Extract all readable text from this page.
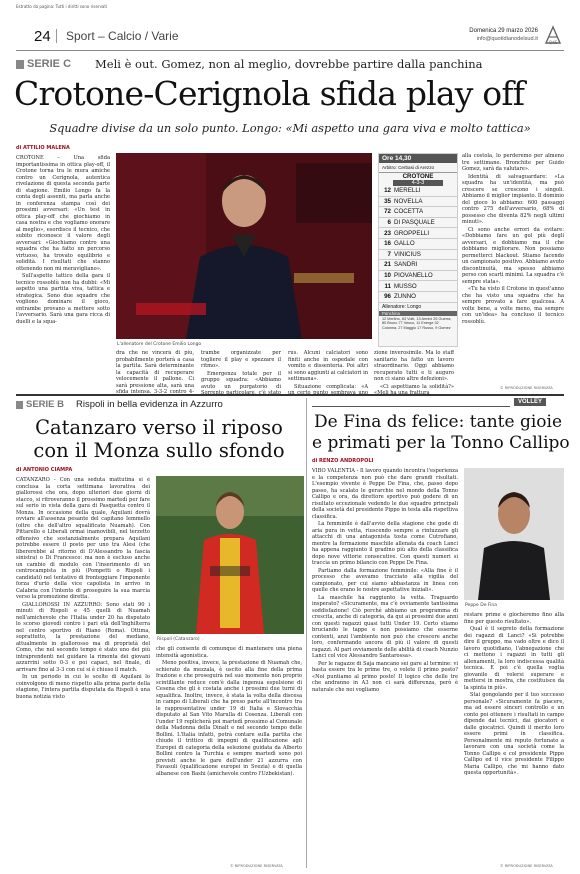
Estratto da pagina: Tutti i diritti sono riservati
24 Sport – Calcio / Varie	Domenica 29 marzo 2026
info@quotidianodelsud.it
QdS
SERIE C Meli è out. Gomez, non al meglio, dovrebbe partire dalla panchina
Crotone-Cerignola sfida play off
Squadre divise da un solo punto. Longo: «Mi aspetto una gara viva e molto tattica»
di ATTILIO MALENA

CROTONE – Una sfida importantissima in ottica play-off, il Crotone torna tra le mura amiche contro un Cerignola, autentica rivelazione di questa seconda parte di stagione. Emilio Longo fa la conta degli assenti, ma parla anche in conferenza stampa così dei prossimi avversari: «Un test in ottica play-off che giochiamo in casa nostra e che vogliamo onorare al meglio», esordisce il tecnico, che subito riconosce il valore degli avversari: «Giochiamo contro una squadra che ha fatto un percorso virtuoso, ha trovato equilibrio e solidità. I risultati che stanno ottenendo non mi meravigliano».

Sull'aspetto tattico della gara il tecnico rossoblù non ha dubbi: «Mi aspetto una partita viva, tattica e strategica. Sono due squadre che vogliono dominare il gioco, entrambe provano a mettere sotto l'avversario. Sarà una gara ricca di duelli e la squa-

L'allenatore del Crotone Emilio Longo

dra che ne vincerà di più, probabilmente porterà a casa la partita. Sarà determinante la capacità di recuperare velocemente il pallone. Ci sarà pressione alta, sarà una sfida intensa. 3-3-2 contro 4-

trambe organizzate per togliere il play e spezzare il ritmo».

Emergenza totale per il gruppo squadra: «Abbiamo avuto un purgatorio di Sorrento particolare, c'è stato

rus. Alcuni calciatori sono finiti anche in ospedale con vomito e dissenteria. Poi altri si sono aggiunti ai calciatori in settimana».

Situazione complicata: «A un certo punto sembrava uno

zione inverosimile. Ma lo staff sanitario ha fatto un lavoro straordinario. Oggi abbiamo recuperato tutti e ti auguro non ci siano altre defezioni».

«Ci aspettiamo la solidità?» «Meli ha una frattura

Ore 14,30
Arbitro: Cerbasi di Arezzo
CROTONE
4-3-3
12 MERELLI
35 NOVELLA
72 COCETTA
6 DI PASQUALE
23 GROPPELLI
16 GALLO
7 VINICIUS
21 SANDRI
10 PIOVANELLO
11 MUSSO
96 ZUNNO
Allenatore: Longo
Panchina
12 Merlino, 63 Volti, 13 Armini 25 Guerra, 80 Bruno 77 Vesco, 11 Energe 32 Colonna, 27 Maggio 17 Russo, 9 Gomez

alla costola, lo perderemo per almeno tre settimane. Bronchite per Guido Gomez, sarà da valutare».

Identità di salvaguardare: «La squadra ha un'identità, ma può crescere se crescono i singoli. Abbiamo il miglior impianto. Il dominio del gioco lo abbiamo: 600 passaggi contro 275 dell'avversario, 68% di possesso che diventa 82% negli ultimi minuti».

Ci sono anche errori da evitare: «Dobbiamo fare un gol più degli avversari, e dobbiamo ma il che dobbiamo migliorare. Non possiamo permetterci blackout. Stiamo facendo un campionato positivo. Abbiamo avuto discontinuità, ma spesso abbiamo perso con scarti minimi. La squadra c'è sempre stata».

«Tu ha visto il Crotone in quest'anno che ha visto una squadra che ha sempre provato a fare qualcosa. A volte bene, a volte meno, ma sempre con un'idea» ha concluso il tecnico rossoblù.

© RIPRODUZIONE RISERVATA
SERIE B Rispoli in bella evidenza in Azzurro
Catanzaro verso il riposo
con il Monza sullo sfondo
di ANTONIO CIAMPA

CATANZARO - Con una seduta mattutina si è conclusa la corta settimana lavorativa dei giallorossi che ora, dopo ulteriori due giorni di stacco, si ritroveranno il prossimo martedì per fare sul serio in vista della gara di Pasquetta contro il Monza. In occasione della quale, Aquilani dovrà ovviare all'assenza pesante del capitano Iemmello (oltre che dell'altro squalificato Nuamah). Con Pittarello e Liberali ormai inamovibili, nel terzetto offensivo che sostanzialmente prepara Aquilani potrebbe essere il posto per uno tra Alesi (che libererebbe al ritorno di D'Alessandro la fascia sinistra) o Di Francesco: ma non è escluso anche un cambio di modulo con l'inserimento di un centrocampista in più (Pompetti o Rispoli i candidati) nel tentativo di fronteggiare l'imponente forza d'urto della vice capolista in arrivo in Calabria con l'intento di proseguire la sua marcia verso la promozione diretta.

GIALLOROSSI IN AZZURRO: Sono stati 90 i minuti di Rispoli e 45 quelli di Nuamah nell'amichevole che l'Italia under 20 ha disputato lo scorso giovedì contro i pari età dell'Inghilterra nel centro sportivo di Riano (Roma). Ottima, soprattutto, la prestazione del mediano, attualmente in giallorosso ma di proprietà del Como, che nel secondo tempo è stato uno dei più intraprendenti nel guidare la rimonta dei giovani azzurrini sotto 0-3 e poi capaci, nel finale, di arrivare fino al 3-3 con cui si è chiuso il match.

In un periodo in cui le scelte di Aquilani lo coinvolgono di meno rispetto alla prima parte della stagione, l'intera partita disputata da Rispoli è una buona notizia visto

Rispoli (Catanzaro)

che gli consente di comunque di mantenere una piena intensità agonistica.

Meno positiva, invece, la prestazione di Nuamah che, schierato da mezzala, è uscito alla fine della prima frazione e che proseguirà nel suo momento non proprio scintillante reduce com'è dalla ingenua espulsione di Cesena che gli è costata anche i prossimi due turni di squalifica. Inoltre, invece, è stata la volta della discesa in campo di Liberali che ha preso parte all'incontro tra le rappresentative under 19 di Italia e Slovacchia disputato al San Vito Marulla di Cosenza. Liberali con l'under 19 replicherà poi martedì prossimo al Comunale della Madonna della Dinalt e nel secondo tempo delle Bollini. L'Italia infatti, potrà contare sulla partita che chiude il trittico di impegni di qualificazione agli Europei di categoria della selezione guidata da Alberto Bollini contro la Turchia e sempre martedì sono poi previsti anche le gare dell'under 21 azzurra con Favasuli (qualificazione europei in Svezia) e di quella albanese con Bashi (amichevole contro l'Uzbekistan).

© RIPRODUZIONE RISERVATA
VOLLEY
De Fina ds felice: tante gioie
e primati per la Tonno Callipo
di RENZO ANDROPOLI

VIBO VALENTIA - Il lavoro quando incontra l'esperienza e la competenza non può che dare grandi risultati. L'esempio vivente è Peppe De Fina, che, passo dopo passo, ha scalato le gerarchie nel mondo della Tonno Callipo e ora, da direttore sportivo può godere di un risultato eccezionale vedendo le due squadre principali della società del presidente Pippo in testa alla rispettiva classifica.

La femminile è dall'avvio della stagione che gode di aria pura in vetta, riuscendo sempre a rintuzzare gli attacchi di una antagonista tosta come Cutrofiano, mentre la formazione maschile allenata da coach Lanci ha appena raggiunto il gradino più alto della classifica dopo nove vittorie consecutive. Con questi numeri si traccia un primo bilancio con Peppe De Fina.

Partiamo dalla formazione femminile: «Alla fine è il processo che avevamo tracciato alla vigilia del campionato, per cui siamo abbastanza in linea con quelle che erano le nostre aspettative iniziali».

La maschile ha raggiunto la vetta. Traguardo insperato? «Sicuramente, ma c'è ovviamente tantissima soddisfazione! Ciò perché abbiamo un programma di crescita, anche di categoria, da qui ai prossimi due anni con questi ragazzi quasi tutti Under 19. Certo stiamo bruciando le tappe e non possiamo che esserne contenti, anzi l'ambiente non può che crescere anche loro, confermando ancora di più il valore di questi ragazzi. Al pari ovviamente delle abilità di coach Nunzio Lanci col vice Alessandro Santarossa».

Per le ragazze di Saja mancano sei gare al termine: vi basta essere tra le prime tre, o volete il primo posto? «Noi puntiamo al primo posto! Il logico che delle tre che andranno in A3 non ci sarà differenza, però è naturale che noi vogliamo

Peppe De Fina

restare prime e giocheremo fino alla fine per questo risultato».

Qual è il segreto della formazione dei ragazzi di Lanci? «Si potrebbe dire il gruppo, ma vado oltre e dico il lavoro quotidiano, l'abnegazione che ci mettono i ragazzi in tutti gli allenamenti, la loro indiscussa qualità tecnica. E poi c'è quella voglia giovanile di volersi superare e mettersi in mostra, che costituisce da la spinta in più».

Stai gongolando per il tuo successo personale? «Sicuramente fa piacere, ma ad essere sinceri controllo e un conto poi ottenere i risultati in campo dipende dai tecnici, dai giocatori e dalle giocatrici. Quindi il merito loro essere primi in classifica. Personalmente mi reputo fortunato a lavorare con una società come la Tonno Callipo e col presidente Pippo Callipo ed il vice presidente Filippo Maria Callipo, che mi hanno dato questa opportunità».

© RIPRODUZIONE RISERVATA
